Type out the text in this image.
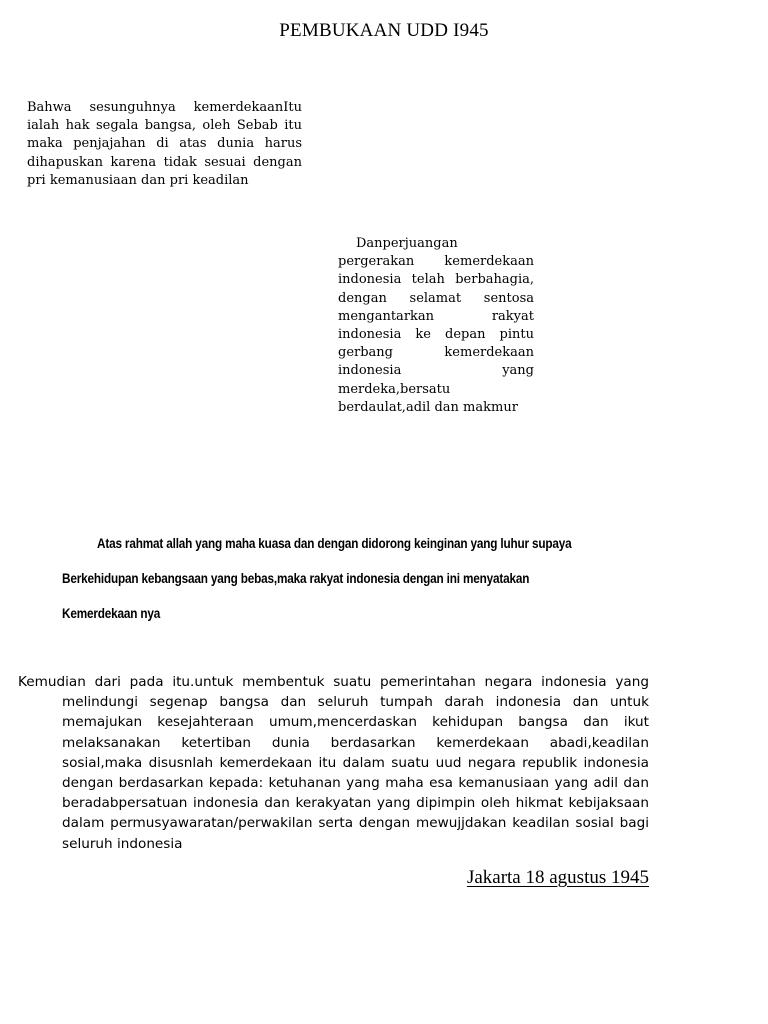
PEMBUKAAN UDD I945
Bahwa sesunguhnya kemerdekaanItu ialah hak segala bangsa, oleh Sebab itu maka penjajahan di atas dunia harus dihapuskan karena tidak sesuai dengan pri kemanusiaan dan pri keadilan
Danperjuangan pergerakan kemerdekaan indonesia telah berbahagia, dengan selamat sentosa mengantarkan rakyat indonesia ke depan pintu gerbang kemerdekaan indonesia yang merdeka,bersatu berdaulat,adil dan makmur
Atas rahmat allah yang maha kuasa dan dengan didorong keinginan yang luhur supaya
Berkehidupan kebangsaan yang bebas,maka rakyat indonesia dengan ini menyatakan
Kemerdekaan nya
Kemudian dari pada itu.untuk membentuk suatu pemerintahan negara indonesia yang melindungi segenap bangsa dan seluruh tumpah darah indonesia dan untuk memajukan kesejahteraan umum,mencerdaskan kehidupan bangsa dan ikut melaksanakan ketertiban dunia berdasarkan kemerdekaan abadi,keadilan sosial,maka disusnlah kemerdekaan itu dalam suatu uud negara republik indonesia dengan berdasarkan kepada: ketuhanan yang maha esa kemanusiaan yang adil dan beradabpersatuan indonesia dan kerakyatan yang dipimpin oleh hikmat kebijaksaan dalam permusyawaratan/perwakilan serta dengan mewujjdakan keadilan sosial bagi seluruh indonesia
Jakarta 18 agustus 1945
